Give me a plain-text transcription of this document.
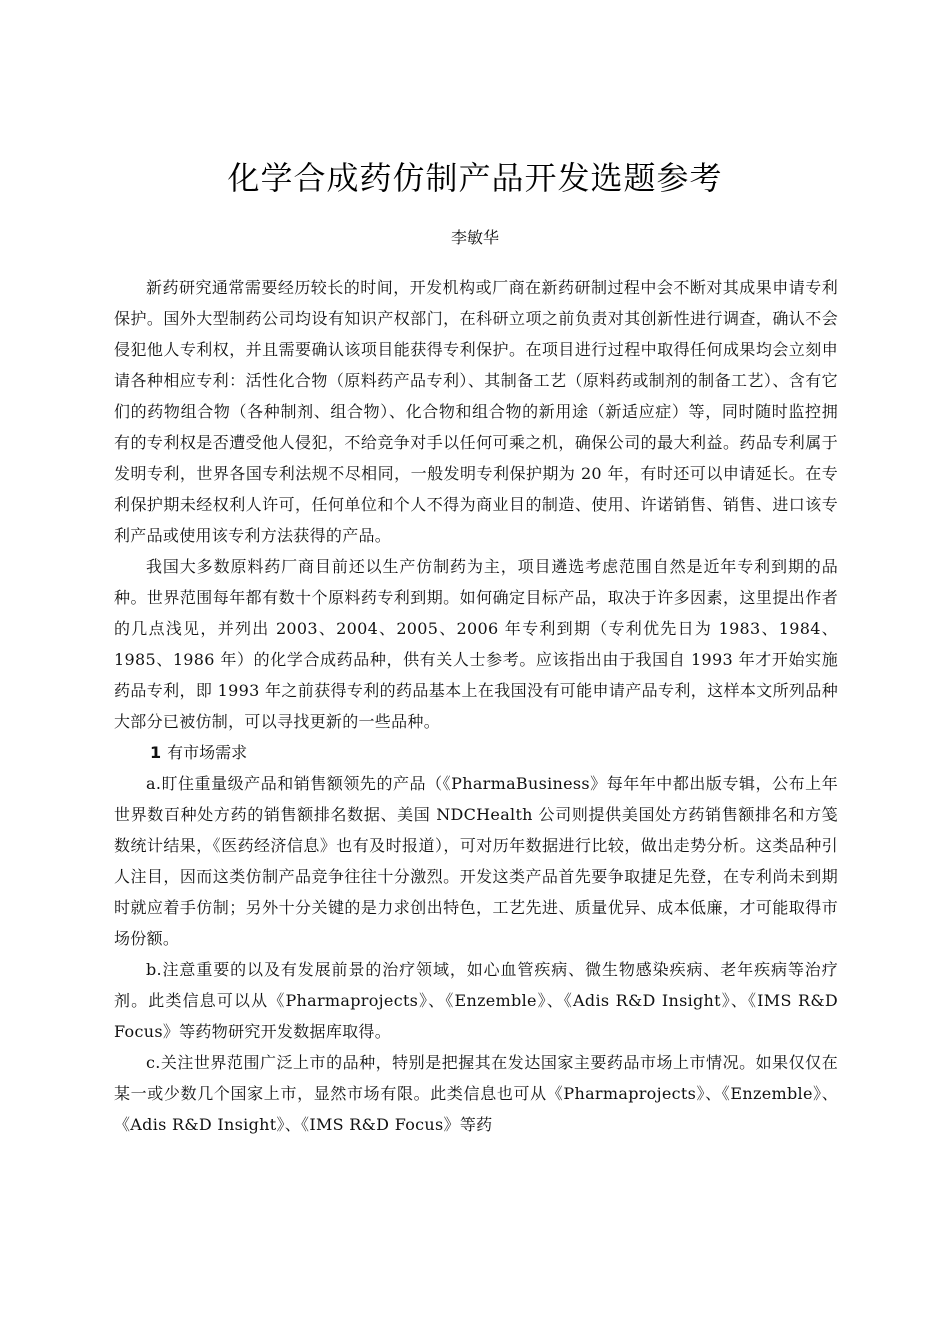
化学合成药仿制产品开发选题参考

李敏华

新药研究通常需要经历较长的时间，开发机构或厂商在新药研制过程中会不断对其成果申请专利保护。国外大型制药公司均设有知识产权部门，在科研立项之前负责对其创新性进行调查，确认不会侵犯他人专利权，并且需要确认该项目能获得专利保护。在项目进行过程中取得任何成果均会立刻申请各种相应专利：活性化合物（原料药产品专利）、其制备工艺（原料药或制剂的制备工艺）、含有它们的药物组合物（各种制剂、组合物）、化合物和组合物的新用途（新适应症）等，同时随时监控拥有的专利权是否遭受他人侵犯，不给竞争对手以任何可乘之机，确保公司的最大利益。药品专利属于发明专利，世界各国专利法规不尽相同，一般发明专利保护期为 20 年，有时还可以申请延长。在专利保护期未经权利人许可，任何单位和个人不得为商业目的制造、使用、许诺销售、销售、进口该专利产品或使用该专利方法获得的产品。

我国大多数原料药厂商目前还以生产仿制药为主，项目遴选考虑范围自然是近年专利到期的品种。世界范围每年都有数十个原料药专利到期。如何确定目标产品，取决于许多因素，这里提出作者的几点浅见，并列出 2003、2004、2005、2006 年专利到期（专利优先日为 1983、1984、1985、1986 年）的化学合成药品种，供有关人士参考。应该指出由于我国自 1993 年才开始实施药品专利，即 1993 年之前获得专利的药品基本上在我国没有可能申请产品专利，这样本文所列品种大部分已被仿制，可以寻找更新的一些品种。

1 有市场需求

a.盯住重量级产品和销售额领先的产品（《PharmaBusiness》每年年中都出版专辑，公布上年世界数百种处方药的销售额排名数据、美国 NDCHealth 公司则提供美国处方药销售额排名和方笺数统计结果，《医药经济信息》也有及时报道），可对历年数据进行比较，做出走势分析。这类品种引人注目，因而这类仿制产品竞争往往十分激烈。开发这类产品首先要争取捷足先登，在专利尚未到期时就应着手仿制；另外十分关键的是力求创出特色，工艺先进、质量优异、成本低廉，才可能取得市场份额。

b.注意重要的以及有发展前景的治疗领域，如心血管疾病、微生物感染疾病、老年疾病等治疗剂。此类信息可以从《Pharmaprojects》、《Enzemble》、《Adis R&D Insight》、《IMS R&D Focus》等药物研究开发数据库取得。

c.关注世界范围广泛上市的品种，特别是把握其在发达国家主要药品市场上市情况。如果仅仅在某一或少数几个国家上市，显然市场有限。此类信息也可从《Pharmaprojects》、《Enzemble》、《Adis R&D Insight》、《IMS R&D Focus》等药
